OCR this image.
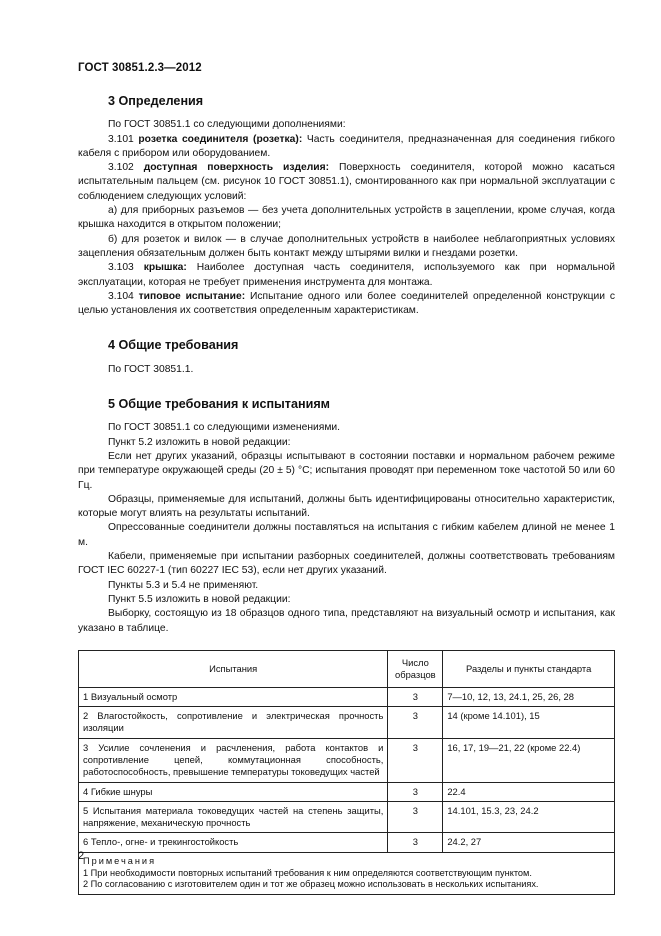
ГОСТ 30851.2.3—2012
3 Определения

По ГОСТ 30851.1 со следующими дополнениями:

3.101 розетка соединителя (розетка): Часть соединителя, предназначенная для соединения гибкого кабеля с прибором или оборудованием.

3.102 доступная поверхность изделия: Поверхность соединителя, которой можно касаться испытательным пальцем (см. рисунок 10 ГОСТ 30851.1), смонтированного как при нормальной эксплуатации с соблюдением следующих условий:

а) для приборных разъемов — без учета дополнительных устройств в зацеплении, кроме случая, когда крышка находится в открытом положении;

б) для розеток и вилок — в случае дополнительных устройств в наиболее неблагоприятных условиях зацепления обязательным должен быть контакт между штырями вилки и гнездами розетки.

3.103 крышка: Наиболее доступная часть соединителя, используемого как при нормальной эксплуатации, которая не требует применения инструмента для монтажа.

3.104 типовое испытание: Испытание одного или более соединителей определенной конструкции с целью установления их соответствия определенным характеристикам.

4 Общие требования

По ГОСТ 30851.1.

5 Общие требования к испытаниям

По ГОСТ 30851.1 со следующими изменениями.

Пункт 5.2 изложить в новой редакции:

Если нет других указаний, образцы испытывают в состоянии поставки и нормальном рабочем режиме при температуре окружающей среды (20 ± 5) °C; испытания проводят при переменном токе частотой 50 или 60 Гц.

Образцы, применяемые для испытаний, должны быть идентифицированы относительно характеристик, которые могут влиять на результаты испытаний.

Опрессованные соединители должны поставляться на испытания с гибким кабелем длиной не менее 1 м.

Кабели, применяемые при испытании разборных соединителей, должны соответствовать требованиям ГОСТ IEC 60227-1 (тип 60227 IEC 53), если нет других указаний.

Пункты 5.3 и 5.4 не применяют.

Пункт 5.5 изложить в новой редакции:

Выборку, состоящую из 18 образцов одного типа, представляют на визуальный осмотр и испытания, как указано в таблице.

Испытания	Число образцов	Разделы и пункты стандарта
1 Визуальный осмотр	3	7—10, 12, 13, 24.1, 25, 26, 28
2 Влагостойкость, сопротивление и электрическая прочность изоляции	3	14 (кроме 14.101), 15
3 Усилие сочленения и расчленения, работа контактов и сопротивление цепей, коммутационная способность, работоспособность, превышение температуры токоведущих частей	3	16, 17, 19—21, 22 (кроме 22.4)
4 Гибкие шнуры	3	22.4
5 Испытания материала токоведущих частей на степень защиты, напряжение, механическую прочность	3	14.101, 15.3, 23, 24.2
6 Тепло-, огне- и трекингостойкость	3	24.2, 27

Примечания
1 При необходимости повторных испытаний требования к ним определяются соответствующим пунктом.
2 По согласованию с изготовителем один и тот же образец можно использовать в нескольких испытаниях.		
2
